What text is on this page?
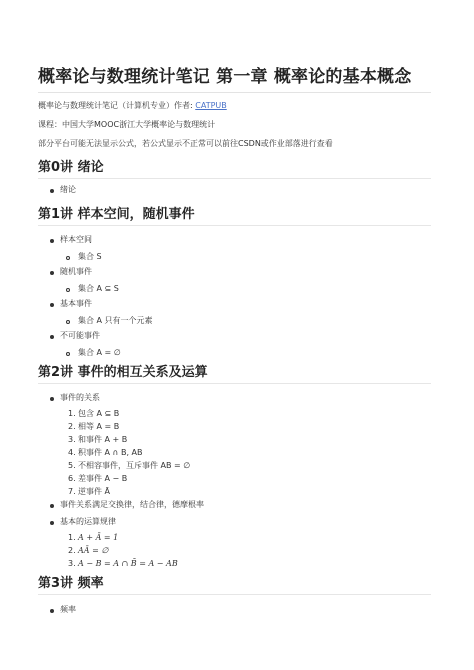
概率论与数理统计笔记 第一章 概率论的基本概念
概率论与数理统计笔记（计算机专业）作者: CATPUB
课程：中国大学MOOC浙江大学概率论与数理统计
部分平台可能无法显示公式，若公式显示不正常可以前往CSDN或作业部落进行查看
第0讲 绪论
绪论
第1讲 样本空间，随机事件
样本空间
集合 S
随机事件
集合 A ⊆ S
基本事件
集合 A 只有一个元素
不可能事件
集合 A = ∅
第2讲 事件的相互关系及运算
事件的关系
1. 包含 A ⊆ B
2. 相等 A = B
3. 和事件 A + B
4. 积事件 A ∩ B, AB
5. 不相容事件，互斥事件 AB = ∅
6. 差事件 A − B
7. 逆事件 Ā
事件关系满足交换律，结合律，德摩根率
基本的运算规律
1. A + Ā = 1
2. AĀ = ∅
3. A − B = A ∩ B̄ = A − AB
第3讲 频率
频率
